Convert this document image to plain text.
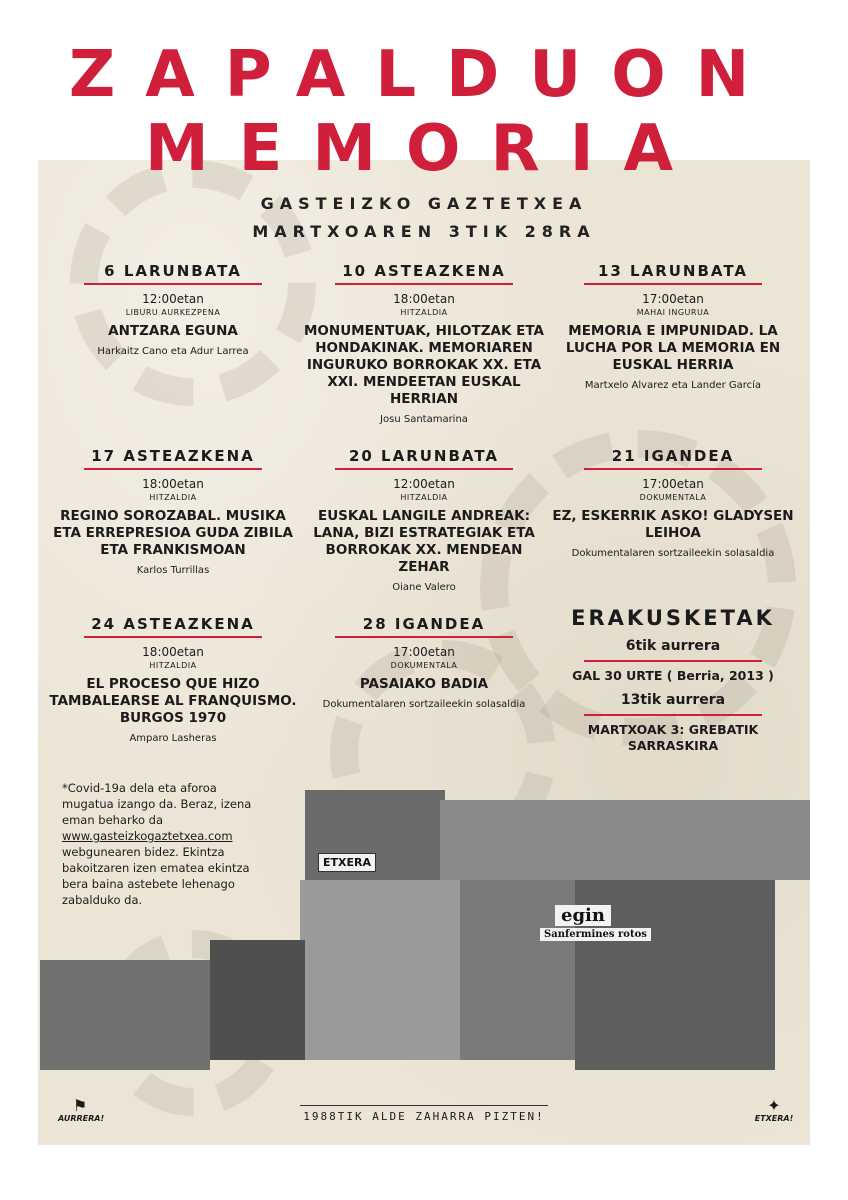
ZAPALDUON
MEMORIA
GASTEIZKO GAZTETXEA
MARTXOAREN 3TIK 28RA
6 LARUNBATA
12:00etan
LIBURU AURKEZPENA
ANTZARA EGUNA
Harkaitz Cano eta Adur Larrea
10 ASTEAZKENA
18:00etan
HITZALDIA
MONUMENTUAK, HILOTZAK ETA HONDAKINAK. MEMORIAREN INGURUKO BORROKAK XX. ETA XXI. MENDEETAN EUSKAL HERRIAN
Josu Santamarina
13 LARUNBATA
17:00etan
MAHAI INGURUA
MEMORIA E IMPUNIDAD. LA LUCHA POR LA MEMORIA EN EUSKAL HERRIA
Martxelo Alvarez eta Lander García
17 ASTEAZKENA
18:00etan
HITZALDIA
REGINO SOROZABAL. MUSIKA ETA ERREPRESIOA GUDA ZIBILA ETA FRANKISMOAN
Karlos Turrillas
20 LARUNBATA
12:00etan
HITZALDIA
EUSKAL LANGILE ANDREAK: LANA, BIZI ESTRATEGIAK ETA BORROKAK XX. MENDEAN ZEHAR
Oiane Valero
21 IGANDEA
17:00etan
DOKUMENTALA
EZ, ESKERRIK ASKO! GLADYSEN LEIHOA
Dokumentalaren sortzaileekin solasaldia
24 ASTEAZKENA
18:00etan
HITZALDIA
EL PROCESO QUE HIZO TAMBALEARSE AL FRANQUISMO. BURGOS 1970
Amparo Lasheras
28 IGANDEA
17:00etan
DOKUMENTALA
PASAIAKO BADIA
Dokumentalaren sortzaileekin solasaldia
ERAKUSKETAK
6tik aurrera
GAL 30 URTE ( Berria, 2013 )
13tik aurrera
MARTXOAK 3: GREBATIK SARRASKIRA
*Covid-19a dela eta aforoa mugatua izango da. Beraz, izena eman beharko da www.gasteizkogaztetxea.com webgunearen bidez. Ekintza bakoitzaren izen ematea ekintza bera baina astebete lehenago zabalduko da.
ETXERA
egin
Sanfermines rotos
1988TIK ALDE ZAHARRA PIZTEN!
⚑
AURRERA!
✦
ETXERA!
